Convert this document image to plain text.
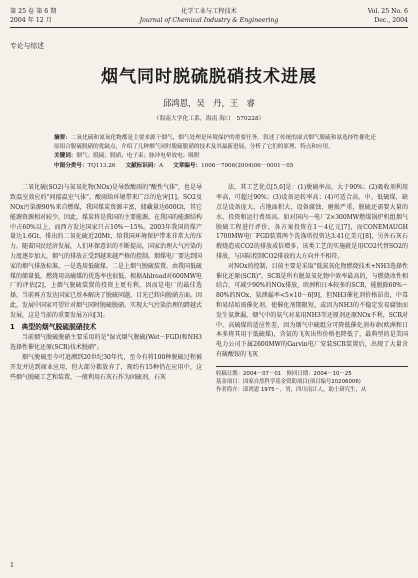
第 25 卷 第 6 期
2004 年 12 月
化学工业与工程技术
Journal of Chemical Industry & Engineering
Vol. 25 No. 6
Dec., 2004
专论与综述
烟气同时脱硫脱硝技术进展
邱鸿恩，吴　丹，王　睿
（海南大学化工系，海南 海口　570228）
摘要：二氧化硫和氮氧化物都是主要来源于烟气，烟气处理是环境保护的重要任务。叙述了传统的湿式烟气脱硫和氨选择性催化还原组合脱硫脱硝的优缺点，介绍了几种烟气同时脱硫脱硝的技术及其最新进展，分析了它们的原理、特点和应用。
关键词：烟气；脱硫；脱硝；电子束；脉冲电晕放电；吸附
中图分类号：TQ113.26 文献标识码：A 文章编号：1006－7906(2004)06－0001－05

二氧化硫(SO2)与氮氧化物(NOx)是导致酸雨的"酸性气体"，也是导致温室效应的"间接温室气体"。酸雨给环境带来广泛的危害[1]。SO2及NOx污染源90%来自燃煤，我国煤炭资源丰富，储藏量达600Gt，其它能源资源相对较少，因此，煤炭将是我国的主要能源。在我国的能源结构中占60%以上，而西方发达国家只占10%～15%。2003年我国的煤产量达1.6Gt，排出的二氧化硫近20Mt，给我国环境保护带来非常大的压力。随着国民经济发展，人们环保意识的不断提高，国家治理大气污染的力度逐步加大，烟气的排放正受到越来越严格的控制。烟煤电厂要达到国家的烟气排放标准，一是选用低硫煤，二是上烟气脱硫装置。由我国低硫煤的储量低，燃烧用高硫煤的优选率也很低，根据Ahlroad对600MW电厂的评估[2]，上烟气脱硫装置的投资上更有利，因而是电厂的最佳选择。当前再方发达国家已基本解决了脱硫问题，目光已转向脱硝方面。因此，发展中国家可望针对烟气同时脱硫脱硝。实现大气污染治理的跨越式发展，这是当前的重要发展方向[3]。

1　典型的烟气脱硫脱硝技术

当前烟气脱硫脱硝主要采用的是"湿式烟气脱硫(Wet－FGD)和NH3选择性催化还原(SCR)技术脱硝"。

烟气脱硫至今可追溯到20世纪30年代，至今有将100种脱硫过程被开发并达到商业应用，但大部分都放弃了，现约有15种仍在应用中，这些烟气脱硫工艺和装置，一般利用石灰石作为固硫剂，石灰

法，其工艺优点[5,6]是：(1)脱硫率高，大于90%；(2)吸收剂利用率高，可超过90%；(3)设备运转率高；(4)可适合高、中、低硫煤，缺点是设备庞大，占地面积大，设备腐蚀、磨损严重，脱硫还需要大量的水，投资和运行费用高。如对国内一电厂2×300MW燃煤锅炉机组烟气脱硫工程进行评价，各方案投资在1～4亿元[7]，而CONEMAUGH 1700MW电厂FGD装置两个洗涤塔投资达3.41亿美元[8]，另外石灰石煅烧造成CO2的排放成倍增多，该类工艺的实施就是用CO2代替SO2的排放，与国际控制CO2排放的大方向并不相符。

对NOx的控制，目前主要是采取"低氮氧化物燃烧技术+NH3选择性催化还原(SCR)"。SCR是所有脱氮氧化物中效率最高的，与燃烧改性相结合，可减少90%的NOx排放，欧洲和日本较多的SCR，能脱除60%～80%的NOx，氨泄漏率<5×10－6[9]，但NH3催化剂价格昂贵，中毒和易结垢需催化剂，使催化剂期限短，或因为NH3的不稳定发易腐蚀而发生氨泄漏，烟气中的氨气对某用NH3等还原剂还原NOx不利，SCR对中、高硫煤的适应性差，因为烟气中硫组分可降低催化剂寿命(欧洲和日本多将其用于低硫煤)，含氨的飞灰出售价格也降低了，最典型的是美国电力公司下属2600MW的Garvin电厂安装SCR装置后，出现了大量含有硫酸铵的飞灰

收稿日期：2004－07－01　修回日期：2004－10－25
基金项目：国家自然科学基金资助项目(项目编号20206006)
作者简介：邱鸿恩 1975－，男，四川南江人，助士研究生，从
1
